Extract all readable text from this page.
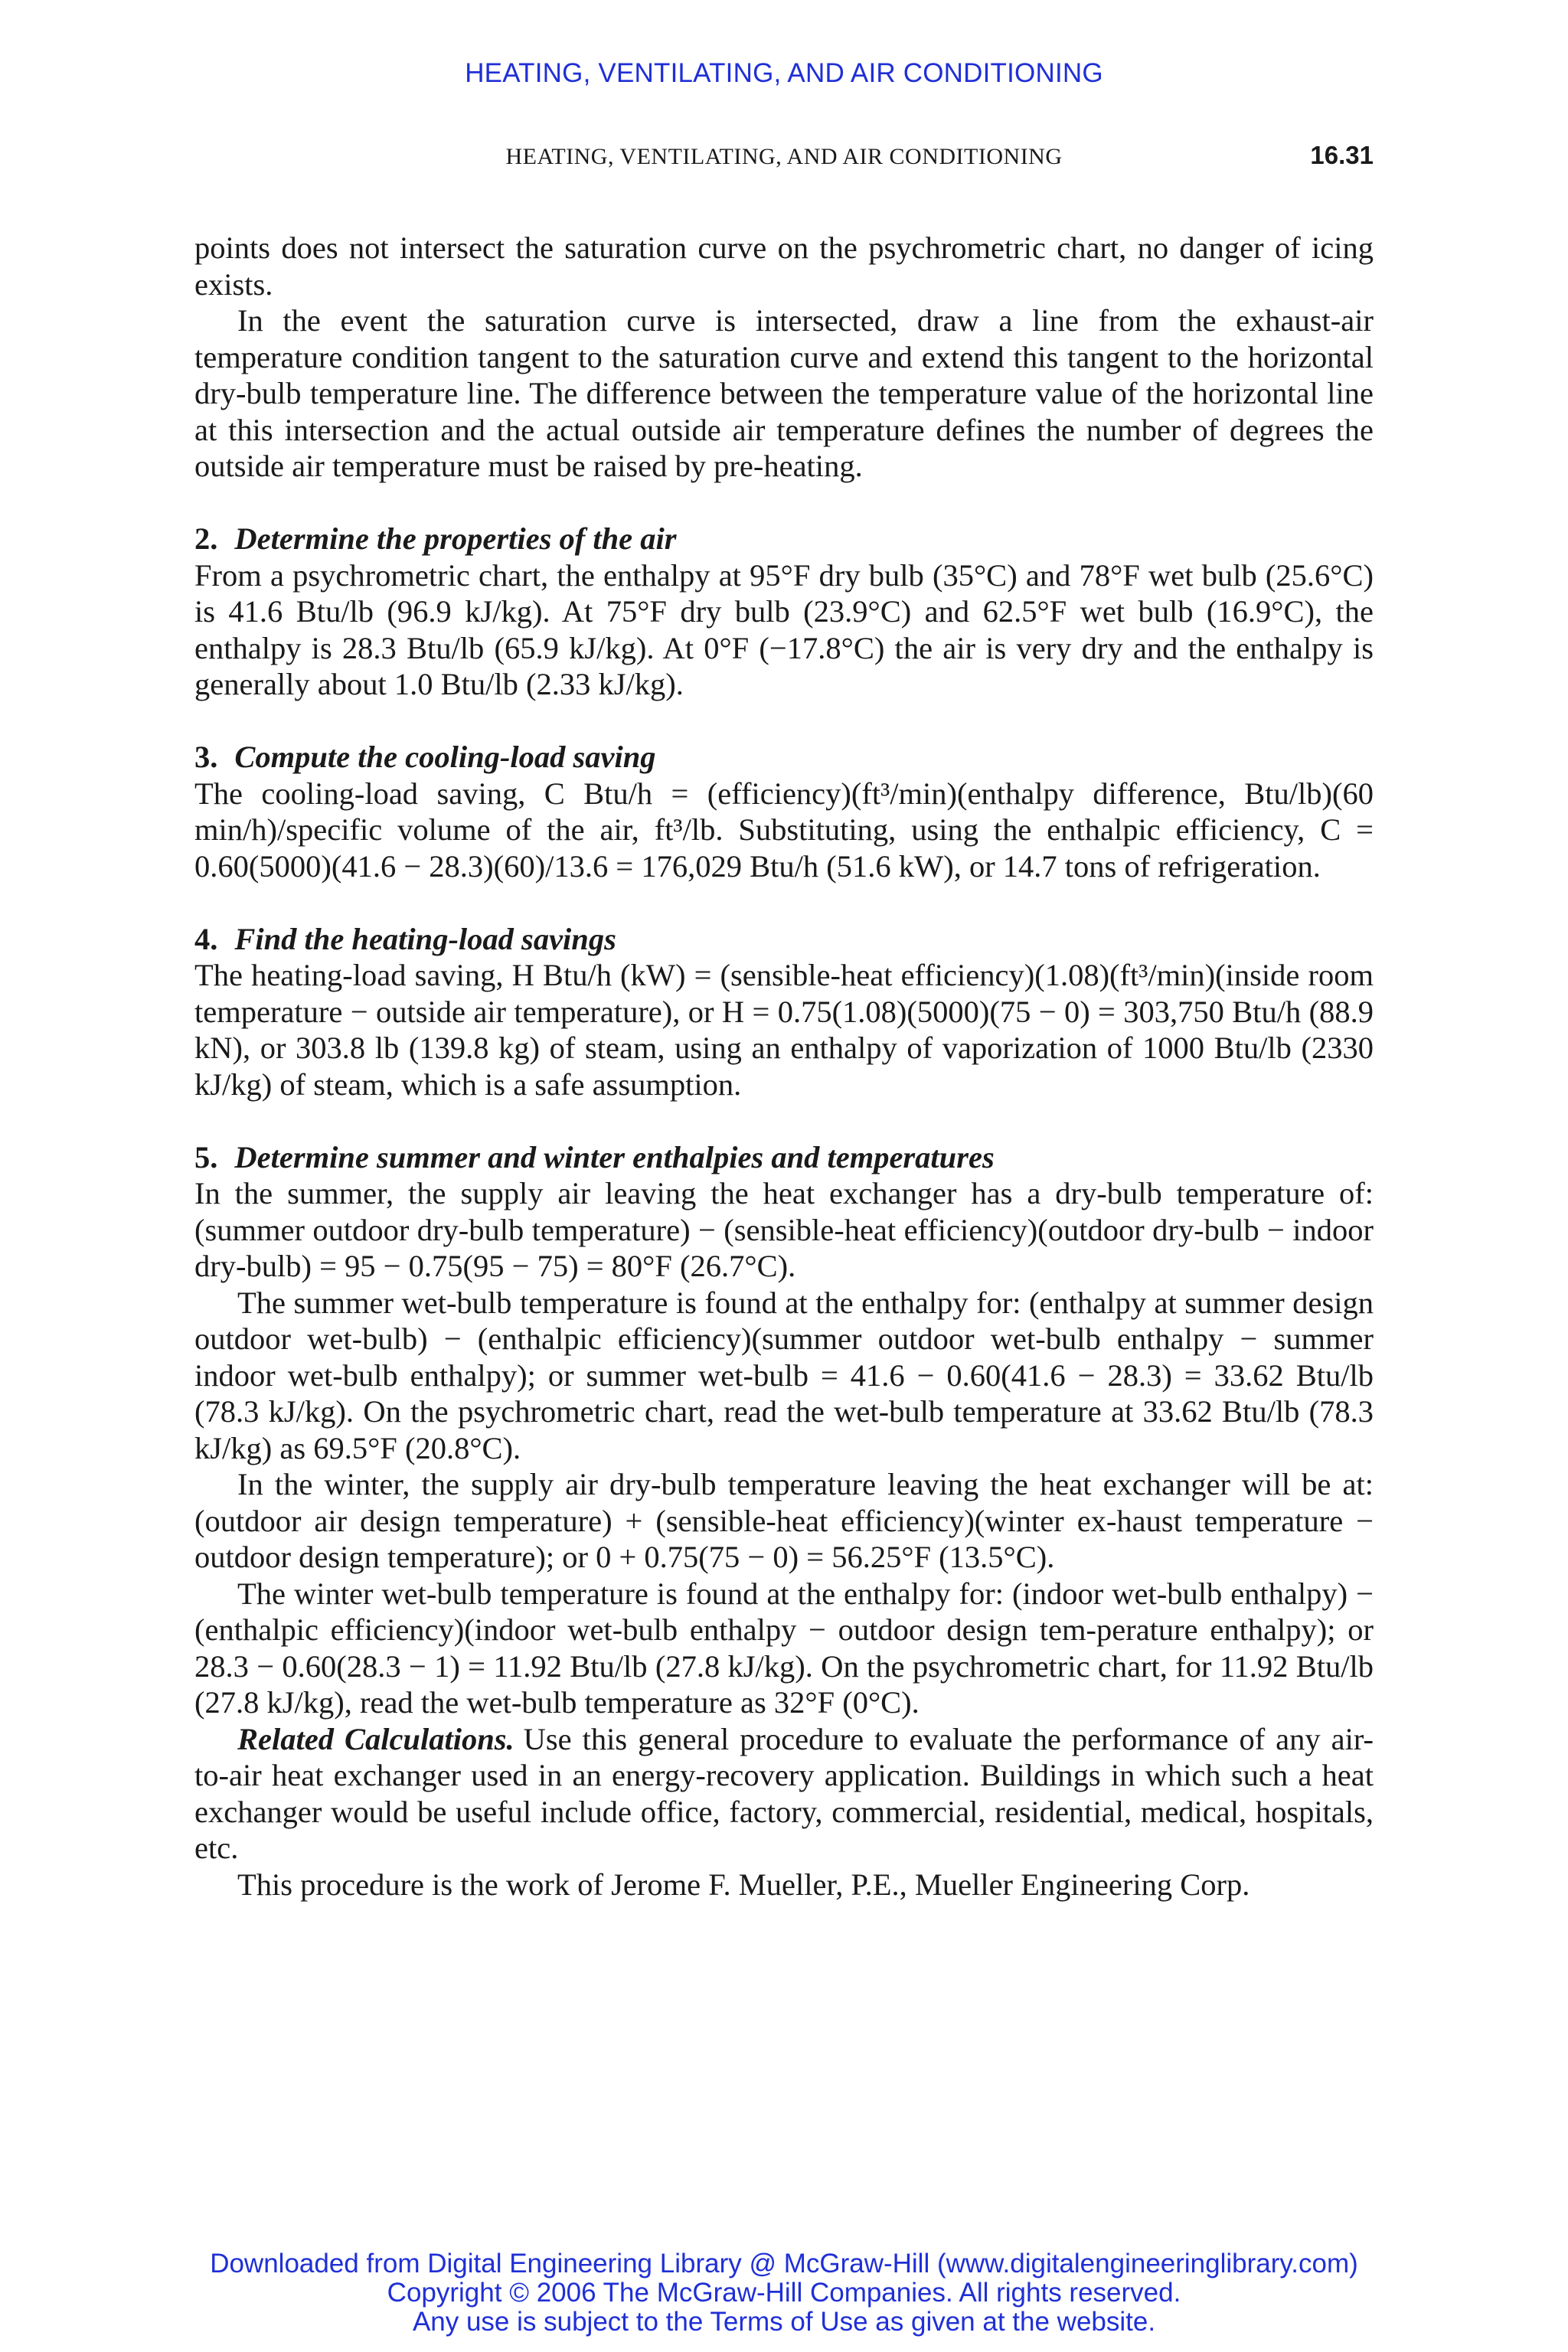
HEATING, VENTILATING, AND AIR CONDITIONING
HEATING, VENTILATING, AND AIR CONDITIONING	16.31

points does not intersect the saturation curve on the psychrometric chart, no danger of icing exists.

In the event the saturation curve is intersected, draw a line from the exhaust-air temperature condition tangent to the saturation curve and extend this tangent to the horizontal dry-bulb temperature line. The difference between the temperature value of the horizontal line at this intersection and the actual outside air temperature defines the number of degrees the outside air temperature must be raised by pre-heating.

2. Determine the properties of the air

From a psychrometric chart, the enthalpy at 95°F dry bulb (35°C) and 78°F wet bulb (25.6°C) is 41.6 Btu/lb (96.9 kJ/kg). At 75°F dry bulb (23.9°C) and 62.5°F wet bulb (16.9°C), the enthalpy is 28.3 Btu/lb (65.9 kJ/kg). At 0°F (−17.8°C) the air is very dry and the enthalpy is generally about 1.0 Btu/lb (2.33 kJ/kg).

3. Compute the cooling-load saving

The cooling-load saving, C Btu/h = (efficiency)(ft³/min)(enthalpy difference, Btu/lb)(60 min/h)/specific volume of the air, ft³/lb. Substituting, using the enthalpic efficiency, C = 0.60(5000)(41.6 − 28.3)(60)/13.6 = 176,029 Btu/h (51.6 kW), or 14.7 tons of refrigeration.

4. Find the heating-load savings

The heating-load saving, H Btu/h (kW) = (sensible-heat efficiency)(1.08)(ft³/min)(inside room temperature − outside air temperature), or H = 0.75(1.08)(5000)(75 − 0) = 303,750 Btu/h (88.9 kN), or 303.8 lb (139.8 kg) of steam, using an enthalpy of vaporization of 1000 Btu/lb (2330 kJ/kg) of steam, which is a safe assumption.

5. Determine summer and winter enthalpies and temperatures

In the summer, the supply air leaving the heat exchanger has a dry-bulb temperature of: (summer outdoor dry-bulb temperature) − (sensible-heat efficiency)(outdoor dry-bulb − indoor dry-bulb) = 95 − 0.75(95 − 75) = 80°F (26.7°C).

The summer wet-bulb temperature is found at the enthalpy for: (enthalpy at summer design outdoor wet-bulb) − (enthalpic efficiency)(summer outdoor wet-bulb enthalpy − summer indoor wet-bulb enthalpy); or summer wet-bulb = 41.6 − 0.60(41.6 − 28.3) = 33.62 Btu/lb (78.3 kJ/kg). On the psychrometric chart, read the wet-bulb temperature at 33.62 Btu/lb (78.3 kJ/kg) as 69.5°F (20.8°C).

In the winter, the supply air dry-bulb temperature leaving the heat exchanger will be at: (outdoor air design temperature) + (sensible-heat efficiency)(winter ex-haust temperature − outdoor design temperature); or 0 + 0.75(75 − 0) = 56.25°F (13.5°C).

The winter wet-bulb temperature is found at the enthalpy for: (indoor wet-bulb enthalpy) − (enthalpic efficiency)(indoor wet-bulb enthalpy − outdoor design tem-perature enthalpy); or 28.3 − 0.60(28.3 − 1) = 11.92 Btu/lb (27.8 kJ/kg). On the psychrometric chart, for 11.92 Btu/lb (27.8 kJ/kg), read the wet-bulb temperature as 32°F (0°C).

Related Calculations. Use this general procedure to evaluate the performance of any air-to-air heat exchanger used in an energy-recovery application. Buildings in which such a heat exchanger would be useful include office, factory, commercial, residential, medical, hospitals, etc.

This procedure is the work of Jerome F. Mueller, P.E., Mueller Engineering Corp.

Downloaded from Digital Engineering Library @ McGraw-Hill (www.digitalengineeringlibrary.com)
Copyright © 2006 The McGraw-Hill Companies. All rights reserved.
Any use is subject to the Terms of Use as given at the website.
